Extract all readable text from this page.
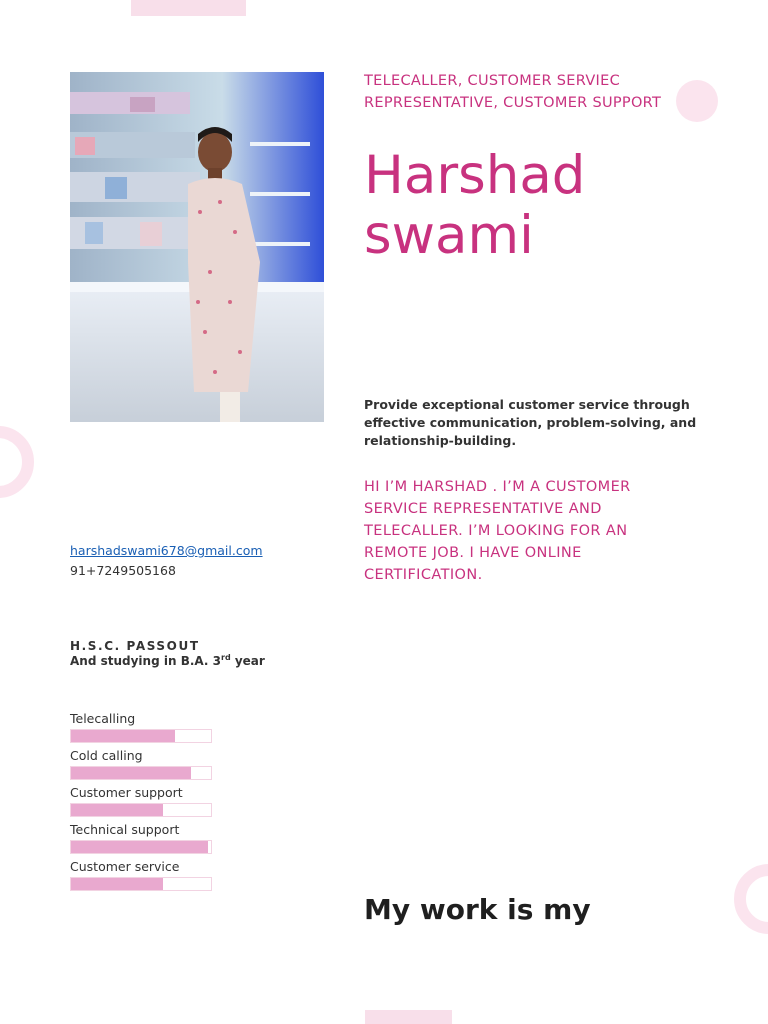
TELECALLER, CUSTOMER SERVIEC REPRESENTATIVE, CUSTOMER SUPPORT
Harshad
swami
Provide exceptional customer service through effective communication, problem-solving, and relationship-building.
HI I’M HARSHAD . I’M A CUSTOMER SERVICE REPRESENTATIVE AND TELECALLER. I’M LOOKING FOR AN REMOTE JOB. I HAVE ONLINE CERTIFICATION.
harshadswami678@gmail.com
91+7249505168
H.S.C. PASSOUT
And studying in B.A. 3rd year
Telecalling
Cold calling
Customer support
Technical support
Customer service
My work is my
